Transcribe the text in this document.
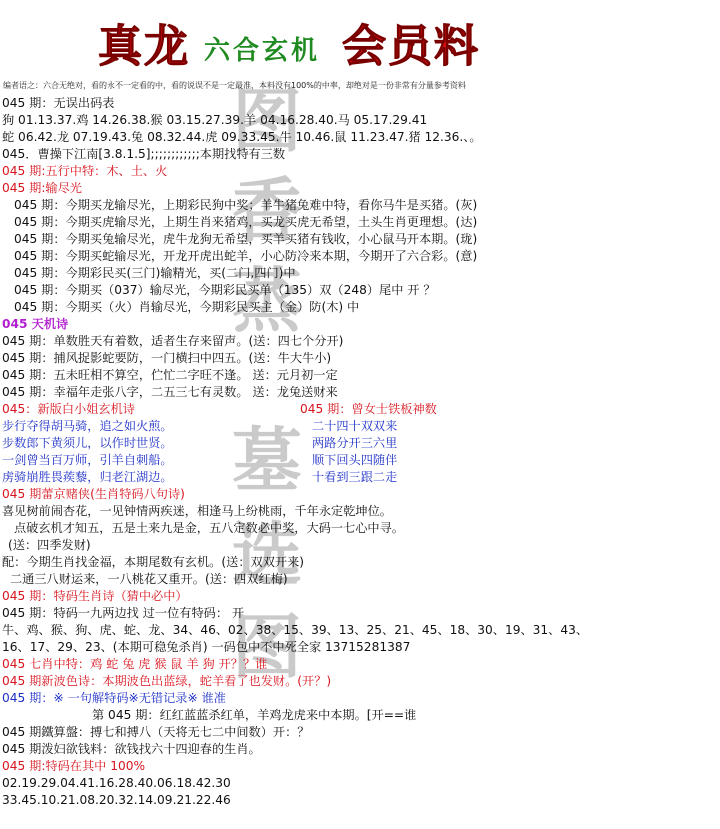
真龙 六合玄机 会员料
编者语之：六合无绝对，看的永不一定看的中，看的说误不是一定最准，本料没有100%的中率，却绝对是一份非常有分量参考资料
图
香
蒸
墓
选
图
045 期：无误出码表
狗 01.13.37.鸡 14.26.38.猴 03.15.27.39.羊 04.16.28.40.马 05.17.29.41
蛇 06.42.龙 07.19.43.兔 08.32.44.虎 09.33.45.牛 10.46.鼠 11.23.47.猪 12.36.、。
045．曹操下江南[3.8.1.5];;;;;;;;;;;;本期找特有三数
045 期:五行中特：木、土、火
045 期:输尽光
045 期：今期买龙输尽光，上期彩民狗中奖；羊牛猪兔难中特，看你马牛是买猪。(灰)
045 期：今期买虎输尽光，上期生肖来猪鸡，买龙买虎无希望，土头生肖更理想。(达)
045 期：今期买兔输尽光，虎牛龙狗无希望，买羊买猪有钱收，小心鼠马开本期。(珑)
045 期：今期买蛇输尽光，开龙开虎出蛇羊，小心防冷来本期，今期开了六合彩。(意)
045 期：今期彩民买(三门)输精光，买(二门,四门)中
045 期：今期买（037）输尽光，今期彩民买单（135）双（248）尾中 开 ？
045 期：今期买（火）肖输尽光，今期彩民买主（金）防(木) 中
045 天机诗
045 期：单数胜天有着数，适者生存来留声。(送：四七个分开)
045 期：捕风捉影蛇要防，一门横扫中四五。(送：牛大牛小)
045 期：五未旺相不算空，伫忙二字旺不逢。 送：元月初一定
045 期：幸福年走张八字，二五三七有灵数。 送：龙兔送财来
045：新版白小姐玄机诗	045 期：曾女士铁板神数
步行夺得胡马骑，追之如火煎。	二十四十双双来
步数郎下黄须儿，以作时世贤。	两路分开三六里
一剑曾当百万师，引羊自刺船。	顺下回头四随伴
虏骑崩胜畏蒺藜，归老江湖边。	十看到三跟二走
045 期蕾京赌侠(生肖特码八句诗)
喜见树前闹杏花，一见钟情两疾迷，相逢马上纷桃雨，千年永定乾坤位。
点破玄机才知五，五是土来九是金，五八定数必中奖，大码一七心中寻。
(送：四季发财)
配：今期生肖找金福，本期尾数有玄机。(送：双双开来)
二通三八财运来，一八桃花又重开。(送：四双红梅)
045 期：特码生肖诗（猜中必中）
045 期：特码一九两边找 过一位有特码： 开
牛、鸡、猴、狗、虎、蛇、龙、34、46、02、38、15、39、13、25、21、45、18、30、19、31、43、
16、17、29、23、(本期可稳兔杀肖) 一码包中不中死全家 13715281387
045 七肖中特：鸡 蛇 兔 虎 猴 鼠 羊 狗 开？？谁
045 期新波色诗：本期波色出蓝绿，蛇羊看了也发财。(开？)
045 期：※ 一句解特码※无错记录※ 谁准
第 045 期：红红蓝蓝杀红单，羊鸡龙虎来中本期。[开==谁
045 期鐵算盤：搏七和搏八（天将无七二中间数）开：？
045 期泼妇欲钱料：欲钱找六十四迎春的生肖。
045 期:特码在其中 100%
02.19.29.04.41.16.28.40.06.18.42.30
33.45.10.21.08.20.32.14.09.21.22.46
